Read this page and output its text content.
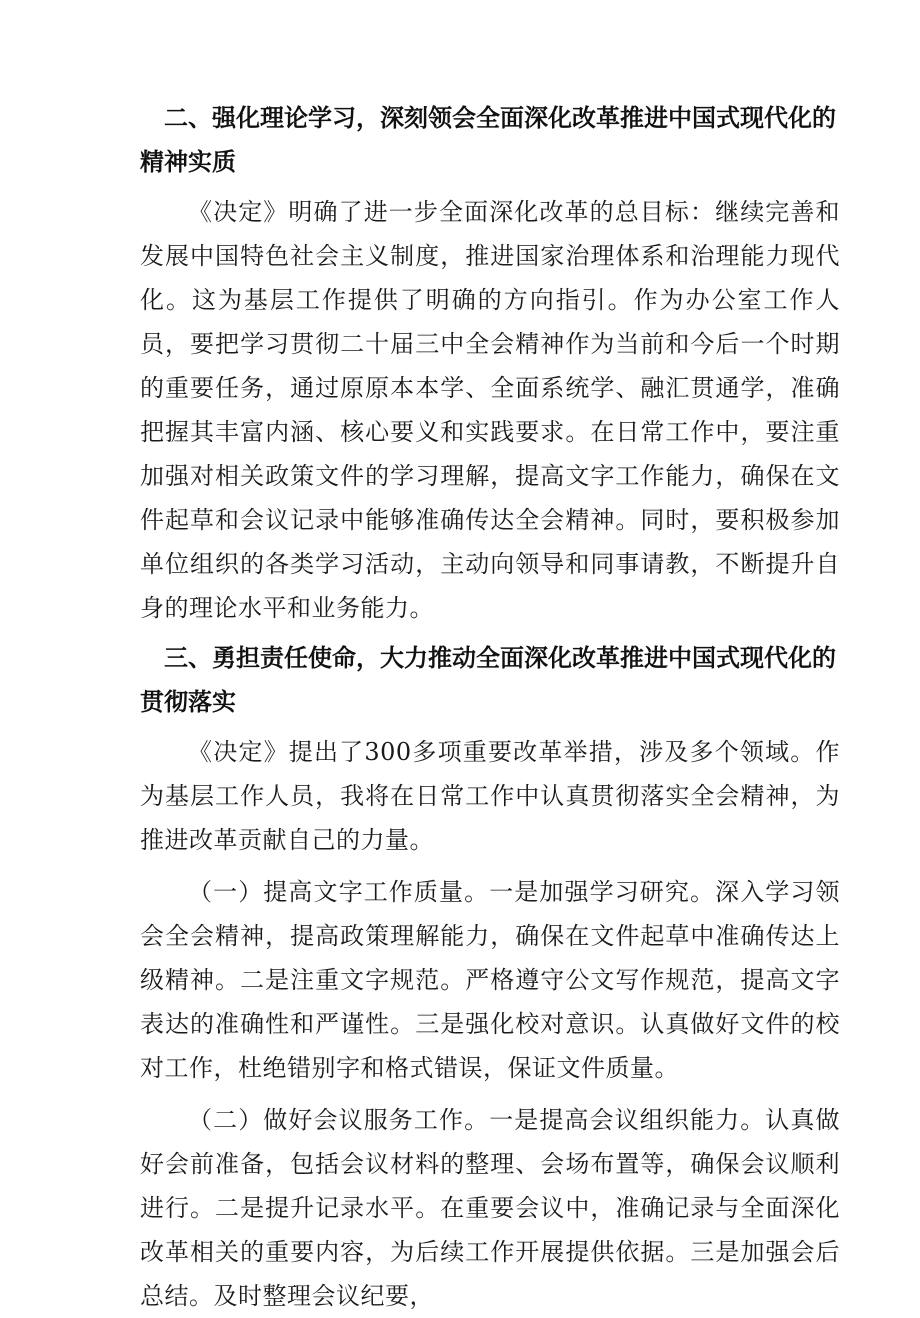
二、强化理论学习，深刻领会全面深化改革推进中国式现代化的精神实质

《决定》明确了进一步全面深化改革的总目标：继续完善和发展中国特色社会主义制度，推进国家治理体系和治理能力现代化。这为基层工作提供了明确的方向指引。作为办公室工作人员，要把学习贯彻二十届三中全会精神作为当前和今后一个时期的重要任务，通过原原本本学、全面系统学、融汇贯通学，准确把握其丰富内涵、核心要义和实践要求。在日常工作中，要注重加强对相关政策文件的学习理解，提高文字工作能力，确保在文件起草和会议记录中能够准确传达全会精神。同时，要积极参加单位组织的各类学习活动，主动向领导和同事请教，不断提升自身的理论水平和业务能力。

三、勇担责任使命，大力推动全面深化改革推进中国式现代化的贯彻落实

《决定》提出了300多项重要改革举措，涉及多个领域。作为基层工作人员，我将在日常工作中认真贯彻落实全会精神，为推进改革贡献自己的力量。

（一）提高文字工作质量。一是加强学习研究。深入学习领会全会精神，提高政策理解能力，确保在文件起草中准确传达上级精神。二是注重文字规范。严格遵守公文写作规范，提高文字表达的准确性和严谨性。三是强化校对意识。认真做好文件的校对工作，杜绝错别字和格式错误，保证文件质量。

（二）做好会议服务工作。一是提高会议组织能力。认真做好会前准备，包括会议材料的整理、会场布置等，确保会议顺利进行。二是提升记录水平。在重要会议中，准确记录与全面深化改革相关的重要内容，为后续工作开展提供依据。三是加强会后总结。及时整理会议纪要，
